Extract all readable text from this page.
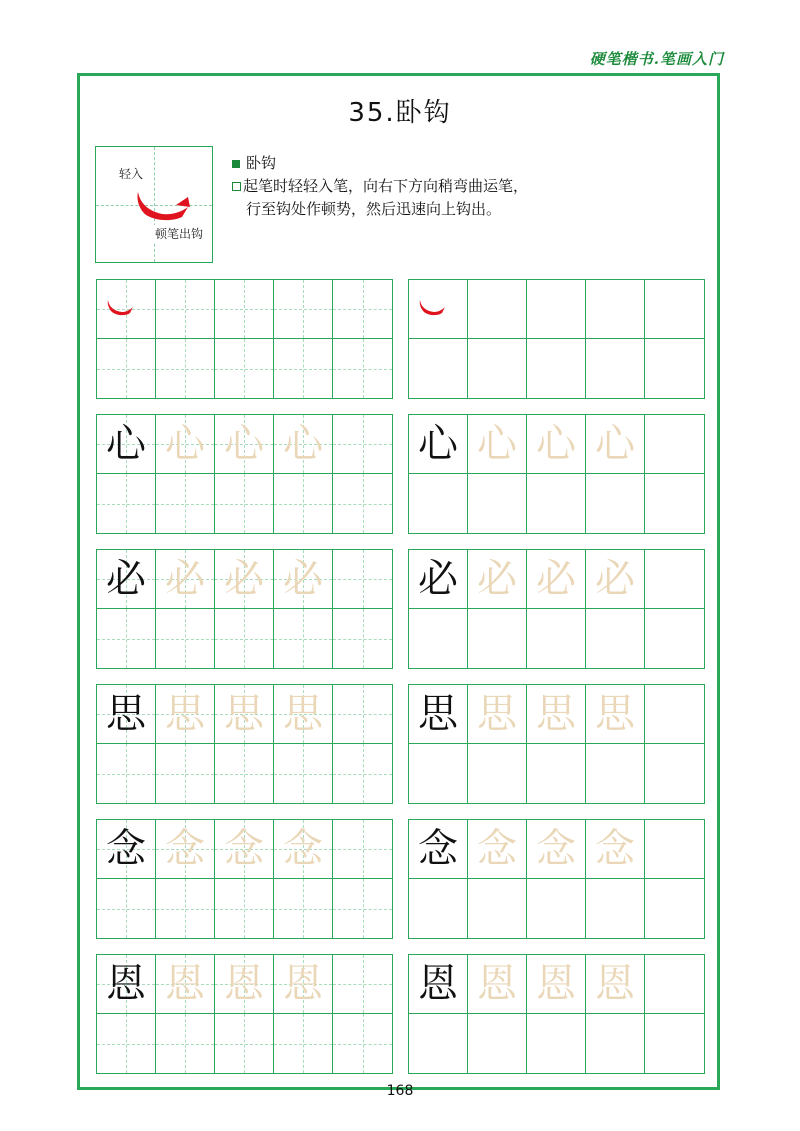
硬笔楷书.笔画入门
35.卧钩
轻入
顿笔出钩
卧钩
起笔时轻轻入笔，向右下方向稍弯曲运笔，
行至钩处作顿势，然后迅速向上钩出。
心 心 心 心 心 心 心 心
必 必 必 必 必 必 必 必
思 思 思 思 思 思 思 思
念 念 念 念 念 念 念 念
恩 恩 恩 恩 恩 恩 恩 恩
168
